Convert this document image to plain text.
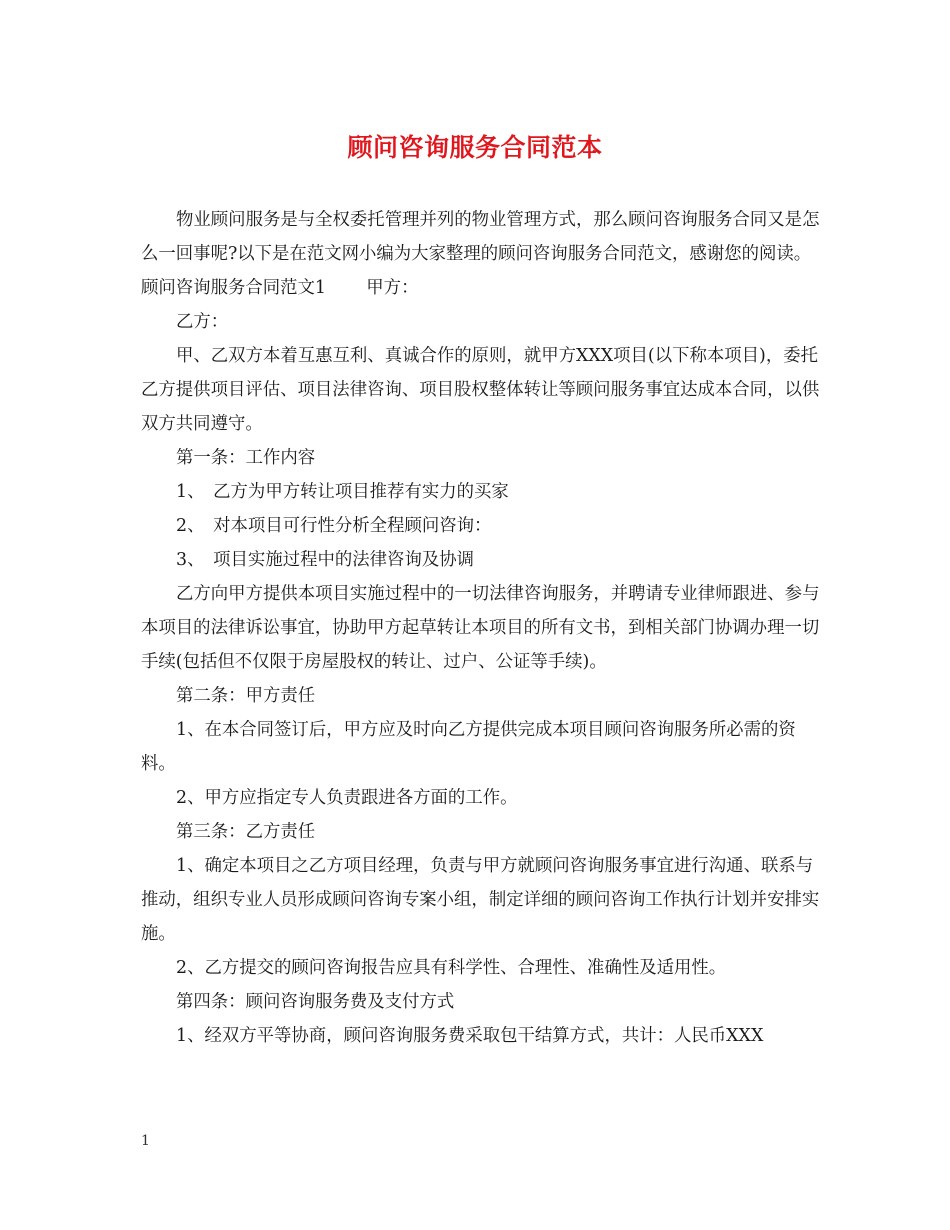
顾问咨询服务合同范本

物业顾问服务是与全权委托管理并列的物业管理方式，那么顾问咨询服务合同又是怎么一回事呢?以下是在范文网小编为大家整理的顾问咨询服务合同范文，感谢您的阅读。

顾问咨询服务合同范文1　　 甲方：

乙方：

甲、乙双方本着互惠互利、真诚合作的原则，就甲方XXX项目(以下称本项目)，委托乙方提供项目评估、项目法律咨询、项目股权整体转让等顾问服务事宜达成本合同，以供双方共同遵守。

第一条：工作内容

1、　乙方为甲方转让项目推荐有实力的买家

2、　对本项目可行性分析全程顾问咨询：

3、　项目实施过程中的法律咨询及协调

乙方向甲方提供本项目实施过程中的一切法律咨询服务，并聘请专业律师跟进、参与本项目的法律诉讼事宜，协助甲方起草转让本项目的所有文书，到相关部门协调办理一切手续(包括但不仅限于房屋股权的转让、过户、公证等手续)。

第二条：甲方责任

1、在本合同签订后，甲方应及时向乙方提供完成本项目顾问咨询服务所必需的资料。

2、甲方应指定专人负责跟进各方面的工作。

第三条：乙方责任

1、确定本项目之乙方项目经理，负责与甲方就顾问咨询服务事宜进行沟通、联系与推动，组织专业人员形成顾问咨询专案小组，制定详细的顾问咨询工作执行计划并安排实施。

2、乙方提交的顾问咨询报告应具有科学性、合理性、准确性及适用性。

第四条：顾问咨询服务费及支付方式

1、经双方平等协商，顾问咨询服务费采取包干结算方式，共计：人民币XXX

1
